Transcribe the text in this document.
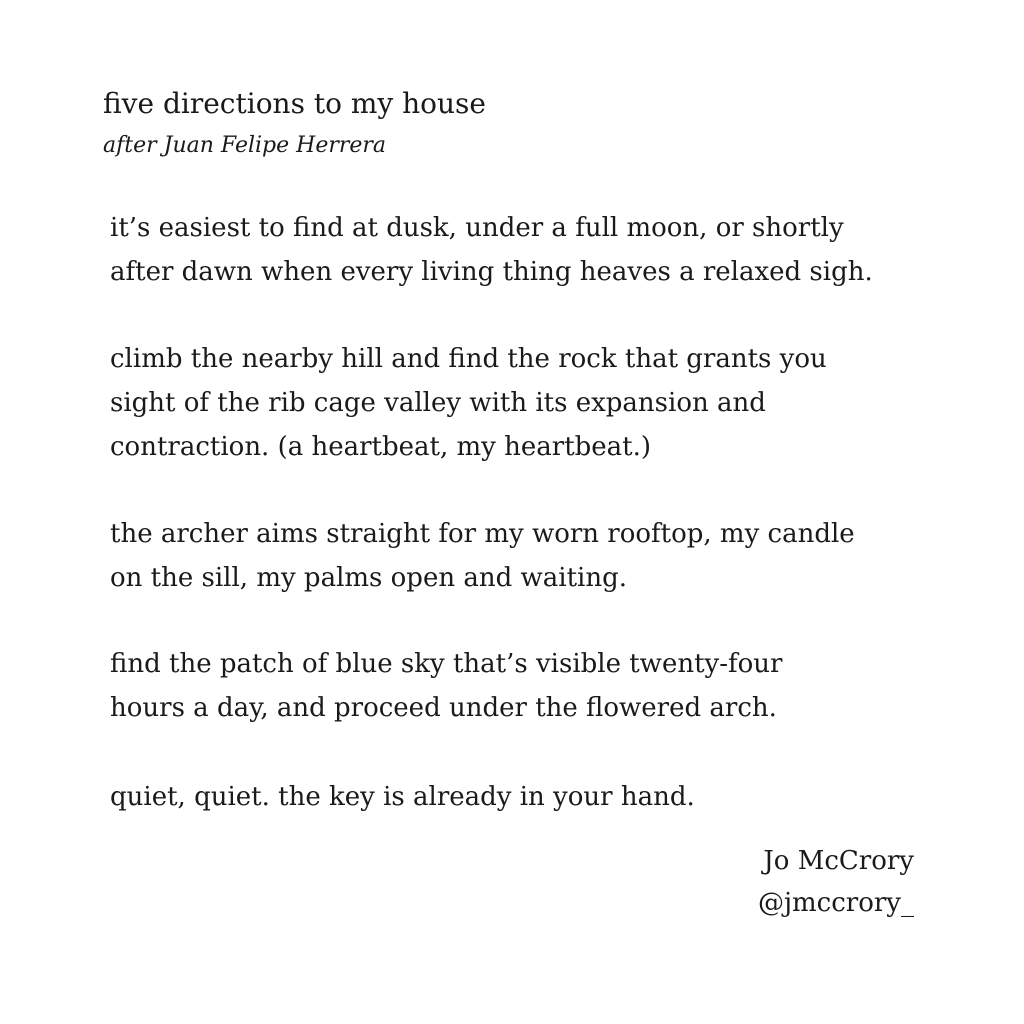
five directions to my house
after Juan Felipe Herrera
it’s easiest to find at dusk, under a full moon, or shortly
after dawn when every living thing heaves a relaxed sigh.
climb the nearby hill and find the rock that grants you
sight of the rib cage valley with its expansion and
contraction. (a heartbeat, my heartbeat.)
the archer aims straight for my worn rooftop, my candle
on the sill, my palms open and waiting.
find the patch of blue sky that’s visible twenty-four
hours a day, and proceed under the flowered arch.
quiet, quiet. the key is already in your hand.
Jo McCrory
@jmccrory_
